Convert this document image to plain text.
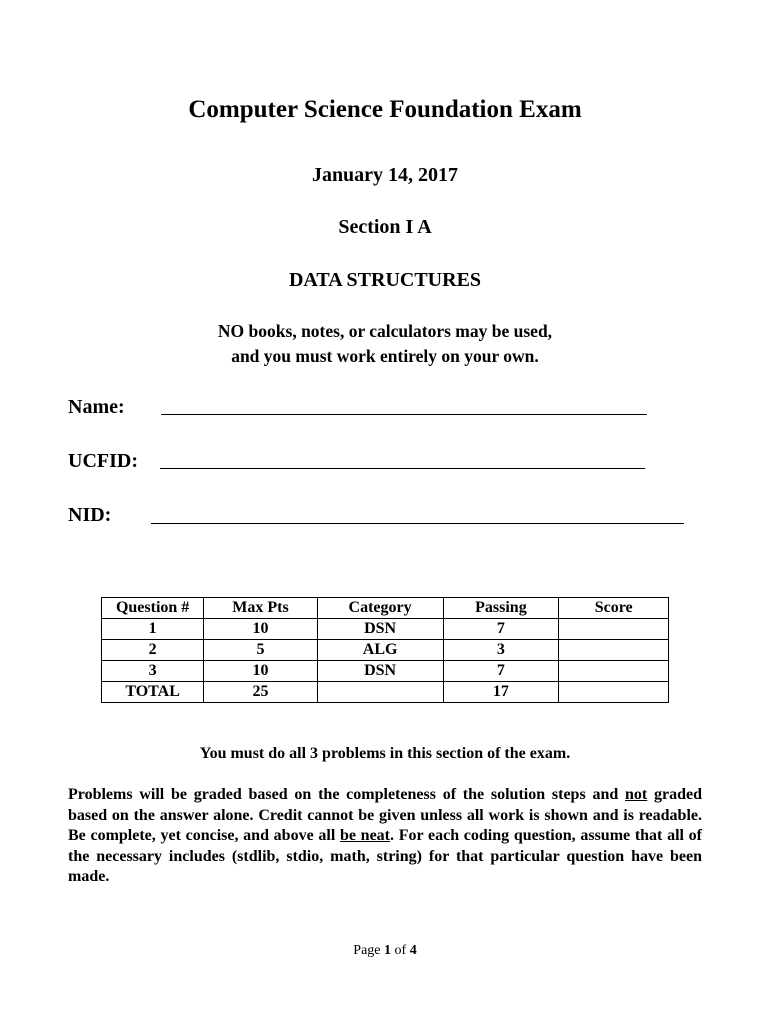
Computer Science Foundation Exam
January 14, 2017
Section I A
DATA STRUCTURES
NO books, notes, or calculators may be used,
and you must work entirely on your own.
Name:
UCFID:
NID:
Question #	Max Pts	Category	Passing	Score
1	10	DSN	7	
2	5	ALG	3	
3	10	DSN	7	
TOTAL	25		17	
You must do all 3 problems in this section of the exam.
Problems will be graded based on the completeness of the solution steps and not graded based on the answer alone. Credit cannot be given unless all work is shown and is readable. Be complete, yet concise, and above all be neat. For each coding question, assume that all of the necessary includes (stdlib, stdio, math, string) for that particular question have been made.
Page 1 of 4
